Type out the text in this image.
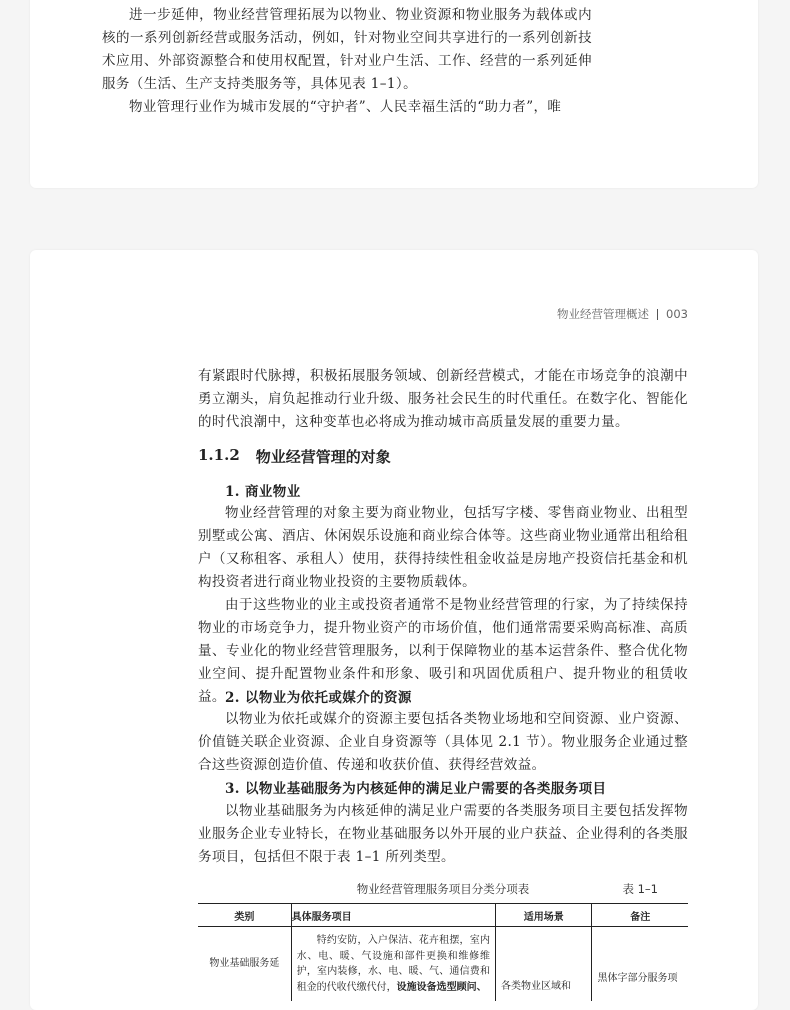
进一步延伸，物业经营管理拓展为以物业、物业资源和物业服务为载体或内核的一系列创新经营或服务活动，例如，针对物业空间共享进行的一系列创新技术应用、外部资源整合和使用权配置，针对业户生活、工作、经营的一系列延伸服务（生活、生产支持类服务等，具体见表 1–1）。

物业管理行业作为城市发展的“守护者”、人民幸福生活的“助力者”，唯

物业经营管理概述 003

有紧跟时代脉搏，积极拓展服务领域、创新经营模式，才能在市场竞争的浪潮中勇立潮头，肩负起推动行业升级、服务社会民生的时代重任。在数字化、智能化的时代浪潮中，这种变革也必将成为推动城市高质量发展的重要力量。

1.1.2 物业经营管理的对象

1. 商业物业

物业经营管理的对象主要为商业物业，包括写字楼、零售商业物业、出租型别墅或公寓、酒店、休闲娱乐设施和商业综合体等。这些商业物业通常出租给租户（又称租客、承租人）使用，获得持续性租金收益是房地产投资信托基金和机构投资者进行商业物业投资的主要物质载体。

由于这些物业的业主或投资者通常不是物业经营管理的行家，为了持续保持物业的市场竞争力，提升物业资产的市场价值，他们通常需要采购高标准、高质量、专业化的物业经营管理服务，以利于保障物业的基本运营条件、整合优化物业空间、提升配置物业条件和形象、吸引和巩固优质租户、提升物业的租赁收益。 2. 以物业为依托或媒介的资源

以物业为依托或媒介的资源主要包括各类物业场地和空间资源、业户资源、价值链关联企业资源、企业自身资源等（具体见 2.1 节）。物业服务企业通过整合这些资源创造价值、传递和收获价值、获得经营效益。

3. 以物业基础服务为内核延伸的满足业户需要的各类服务项目

以物业基础服务为内核延伸的满足业户需要的各类服务项目主要包括发挥物业服务企业专业特长，在物业基础服务以外开展的业户获益、企业得利的各类服务项目，包括但不限于表 1–1 所列类型。

物业经营管理服务项目分类分项表	表 1–1
类别	具体服务项目	适用场景	备注
物业基础服务延	特约安防，入户保洁、花卉租摆，室内水、电、暖、气设施和部件更换和维修维护，室内装修，水、电、暖、气、通信费和租金的代收代缴代付，设施设备选型顾问、	各类物业区域和	黑体字部分服务项
